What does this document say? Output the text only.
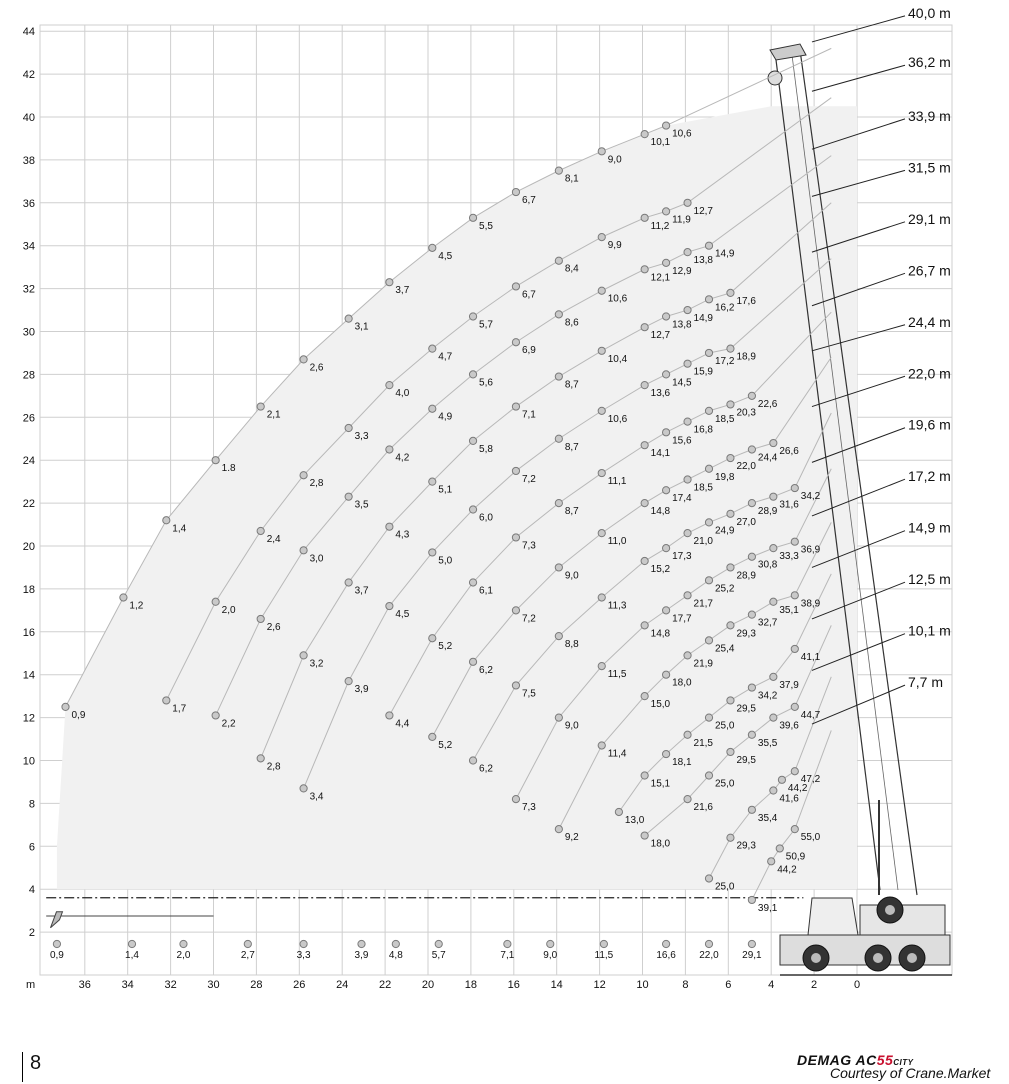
0,9
1,2
1,4
1.8
2,1
2,6
3,1
3,7
4,5
5,5
6,7
8,1
9,0
10,1
10,6
1,7
2,0
2,4
2,8
3,3
4,0
4,7
5,7
6,7
8,4
9,9
11,2
11,9
12,7
2,2
2,6
3,0
3,5
4,2
4,9
5,6
6,9
8,6
10,6
12,1
12,9
13,8
14,9
2,8
3,2
3,7
4,3
5,1
5,8
7,1
8,7
10,4
12,7
13,8
14,9
16,2
17,6
3,4
3,9
4,5
5,0
6,0
7,2
8,7
10,6
13,6
14,5
15,9
17,2 18,9
4,4
5,2
6,1
7,3
8,7
11,1
14,1
15,6
16,8
18,5
20,3
22,6
5,2
6,2
7,2
9,0
11,0
14,8
17,4
18,5
19,8
22,0
24,4
26,6
6,2
7,5
8,8
11,3
15,2
17,3
21,0
24,9
27,0
28,9
31,6
34,2
7,3
9,0
11,5
14,8
17,7
21,7
25,2
28,9
30,8
33,3
36,9
9,2
11,4
15,0
18,0
21,9
25,4
29,3
32,7
35,1
38,9
13,0
15,1
18,1
21,5
25,0
29,5
34,2
37,9
41,1
18,0
21,6
25,0
29,5
35,5
39,6
44,7
25,0
29,3
35,4
41,6
44,2
47,2
39,1
44,2
50,9
55,0
0,9	1,4	2,0	2,7	3,3	3,9 4,8	5,7	7,1	9,0	11,5	16,6 22,0 29,1
40,0 m
36,2 m
33,9 m
31,5 m
29,1 m
26,7 m
24,4 m
22,0 m
19,6 m
17,2 m
14,9 m
12,5 m
10,1 m
7,7 m
2
4
6
8
10
12
14
16
18
20
22
24
26
28
30
32
34
36
38
40
42
44
36	34	32	30	28	26	24	22	20	18	16	14	12	10	8	6	4	2	0
m
8	DEMAG AC55CITY
Courtesy of Crane.Market
